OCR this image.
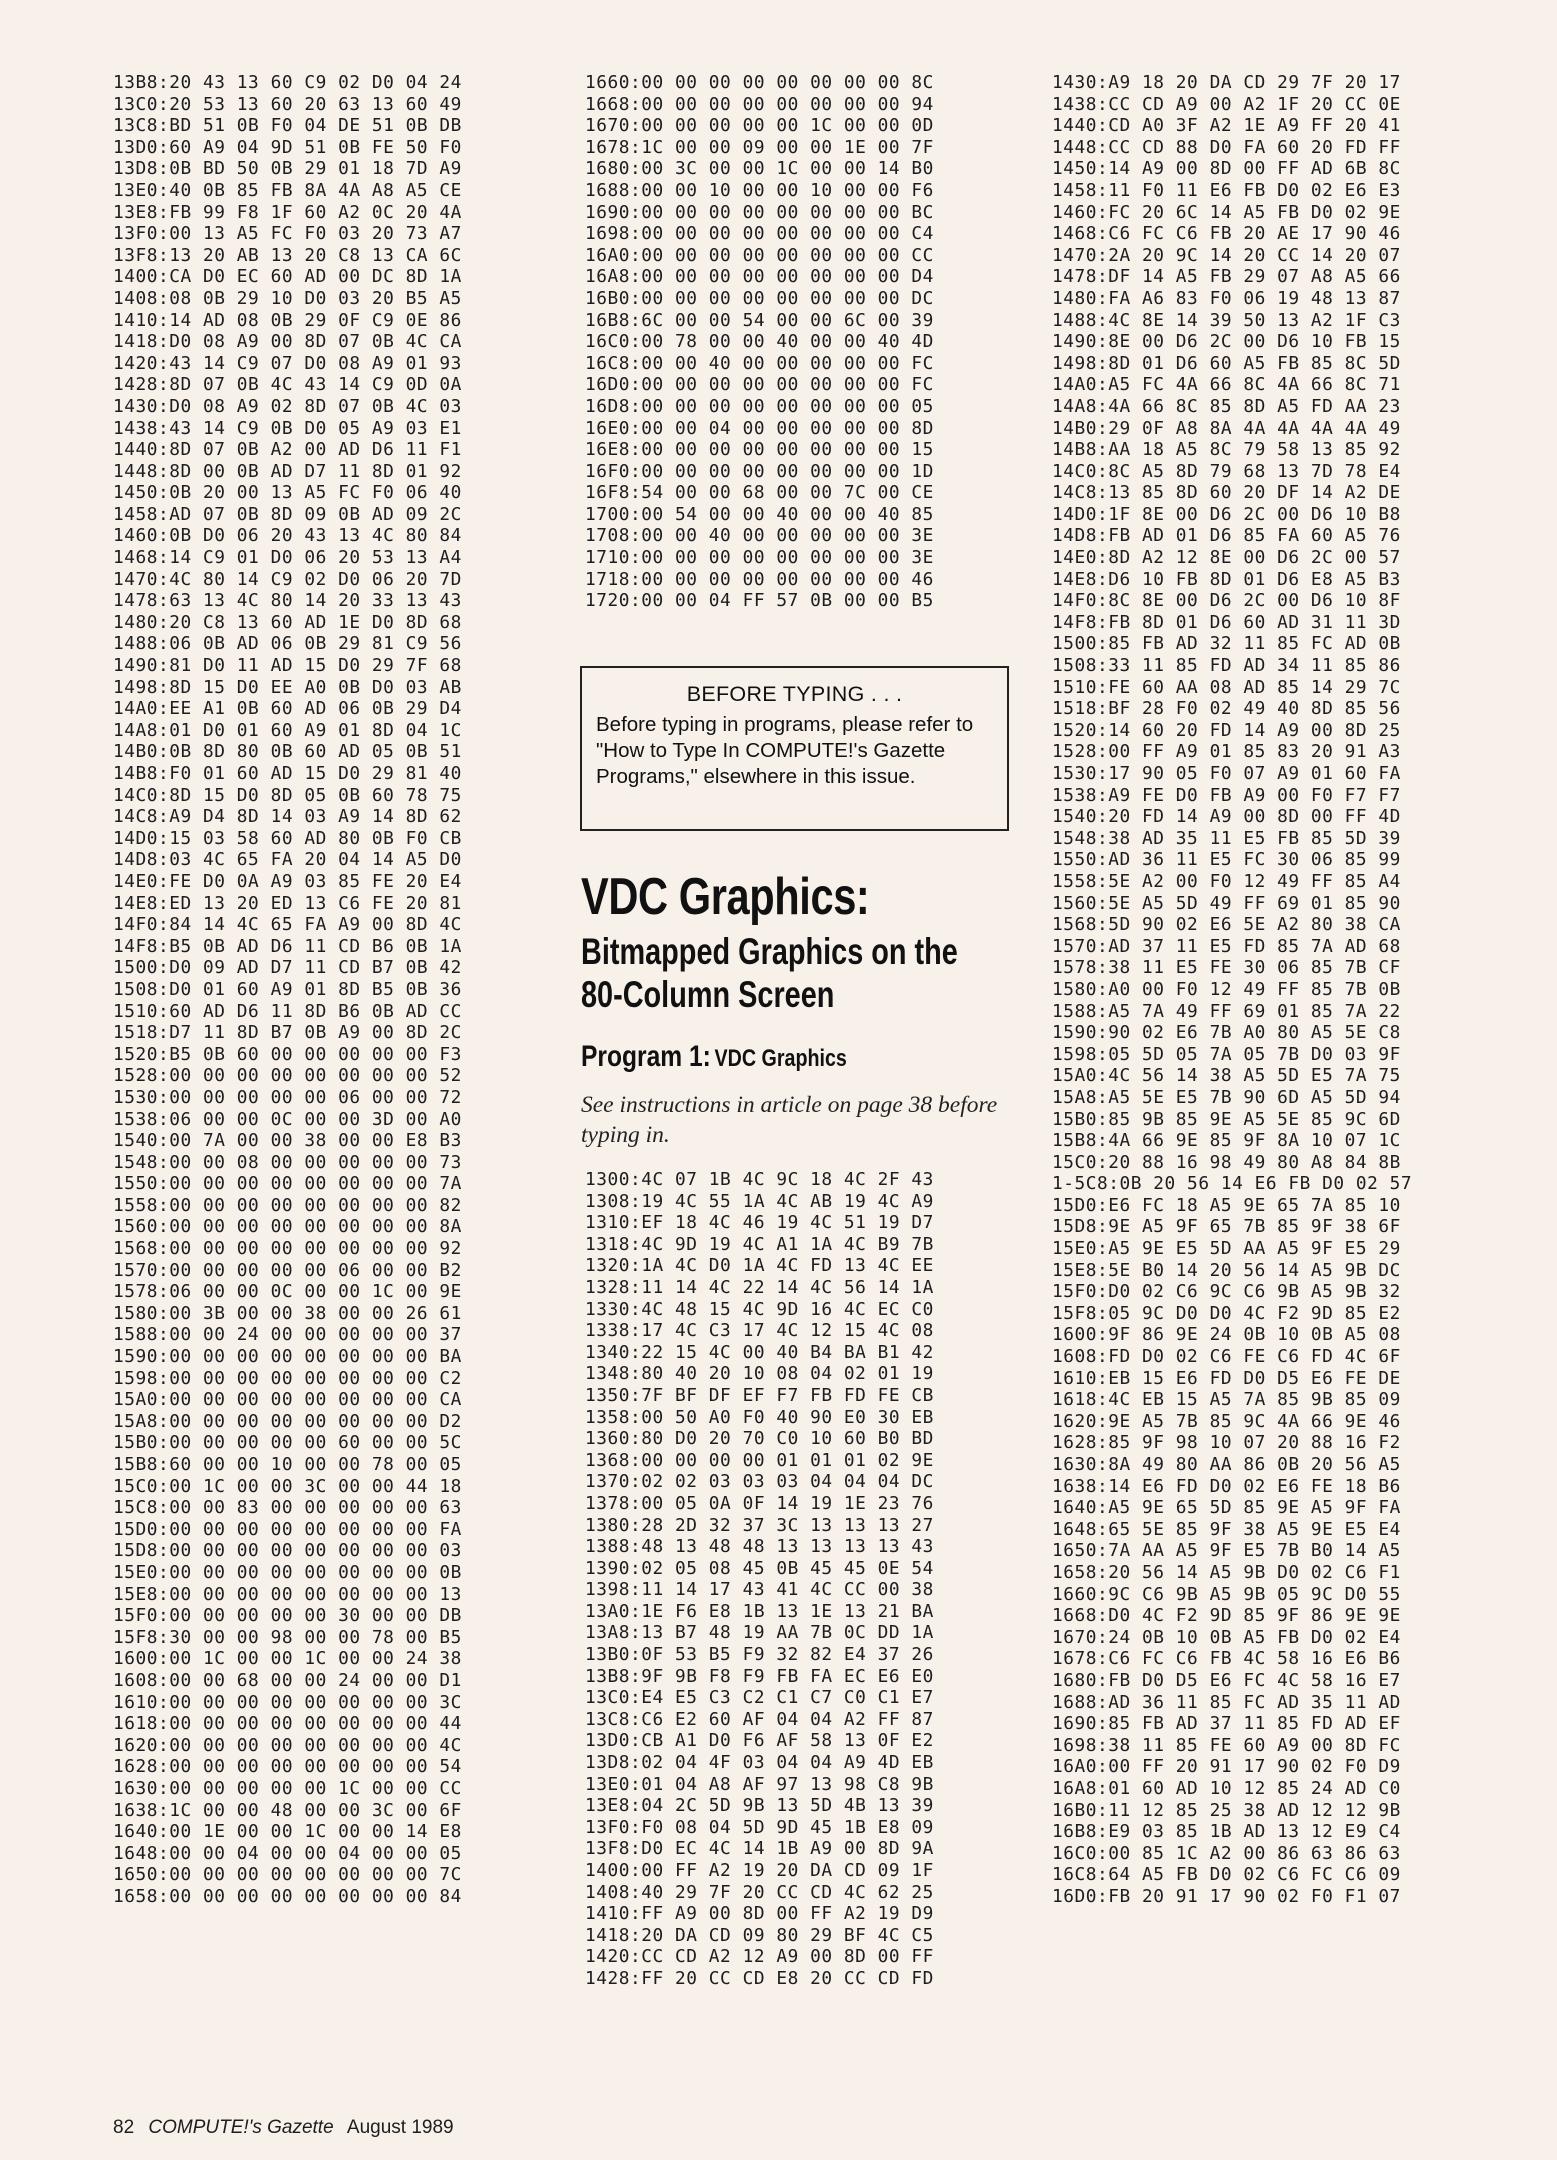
13B8:20 43 13 60 C9 02 D0 04 24
13C0:20 53 13 60 20 63 13 60 49
13C8:BD 51 0B F0 04 DE 51 0B DB
13D0:60 A9 04 9D 51 0B FE 50 F0
13D8:0B BD 50 0B 29 01 18 7D A9
13E0:40 0B 85 FB 8A 4A A8 A5 CE
13E8:FB 99 F8 1F 60 A2 0C 20 4A
13F0:00 13 A5 FC F0 03 20 73 A7
13F8:13 20 AB 13 20 C8 13 CA 6C
1400:CA D0 EC 60 AD 00 DC 8D 1A
1408:08 0B 29 10 D0 03 20 B5 A5
1410:14 AD 08 0B 29 0F C9 0E 86
1418:D0 08 A9 00 8D 07 0B 4C CA
1420:43 14 C9 07 D0 08 A9 01 93
1428:8D 07 0B 4C 43 14 C9 0D 0A
1430:D0 08 A9 02 8D 07 0B 4C 03
1438:43 14 C9 0B D0 05 A9 03 E1
1440:8D 07 0B A2 00 AD D6 11 F1
1448:8D 00 0B AD D7 11 8D 01 92
1450:0B 20 00 13 A5 FC F0 06 40
1458:AD 07 0B 8D 09 0B AD 09 2C
1460:0B D0 06 20 43 13 4C 80 84
1468:14 C9 01 D0 06 20 53 13 A4
1470:4C 80 14 C9 02 D0 06 20 7D
1478:63 13 4C 80 14 20 33 13 43
1480:20 C8 13 60 AD 1E D0 8D 68
1488:06 0B AD 06 0B 29 81 C9 56
1490:81 D0 11 AD 15 D0 29 7F 68
1498:8D 15 D0 EE A0 0B D0 03 AB
14A0:EE A1 0B 60 AD 06 0B 29 D4
14A8:01 D0 01 60 A9 01 8D 04 1C
14B0:0B 8D 80 0B 60 AD 05 0B 51
14B8:F0 01 60 AD 15 D0 29 81 40
14C0:8D 15 D0 8D 05 0B 60 78 75
14C8:A9 D4 8D 14 03 A9 14 8D 62
14D0:15 03 58 60 AD 80 0B F0 CB
14D8:03 4C 65 FA 20 04 14 A5 D0
14E0:FE D0 0A A9 03 85 FE 20 E4
14E8:ED 13 20 ED 13 C6 FE 20 81
14F0:84 14 4C 65 FA A9 00 8D 4C
14F8:B5 0B AD D6 11 CD B6 0B 1A
1500:D0 09 AD D7 11 CD B7 0B 42
1508:D0 01 60 A9 01 8D B5 0B 36
1510:60 AD D6 11 8D B6 0B AD CC
1518:D7 11 8D B7 0B A9 00 8D 2C
1520:B5 0B 60 00 00 00 00 00 F3
1528:00 00 00 00 00 00 00 00 52
1530:00 00 00 00 00 06 00 00 72
1538:06 00 00 0C 00 00 3D 00 A0
1540:00 7A 00 00 38 00 00 E8 B3
1548:00 00 08 00 00 00 00 00 73
1550:00 00 00 00 00 00 00 00 7A
1558:00 00 00 00 00 00 00 00 82
1560:00 00 00 00 00 00 00 00 8A
1568:00 00 00 00 00 00 00 00 92
1570:00 00 00 00 00 06 00 00 B2
1578:06 00 00 0C 00 00 1C 00 9E
1580:00 3B 00 00 38 00 00 26 61
1588:00 00 24 00 00 00 00 00 37
1590:00 00 00 00 00 00 00 00 BA
1598:00 00 00 00 00 00 00 00 C2
15A0:00 00 00 00 00 00 00 00 CA
15A8:00 00 00 00 00 00 00 00 D2
15B0:00 00 00 00 00 60 00 00 5C
15B8:60 00 00 10 00 00 78 00 05
15C0:00 1C 00 00 3C 00 00 44 18
15C8:00 00 83 00 00 00 00 00 63
15D0:00 00 00 00 00 00 00 00 FA
15D8:00 00 00 00 00 00 00 00 03
15E0:00 00 00 00 00 00 00 00 0B
15E8:00 00 00 00 00 00 00 00 13
15F0:00 00 00 00 00 30 00 00 DB
15F8:30 00 00 98 00 00 78 00 B5
1600:00 1C 00 00 1C 00 00 24 38
1608:00 00 68 00 00 24 00 00 D1
1610:00 00 00 00 00 00 00 00 3C
1618:00 00 00 00 00 00 00 00 44
1620:00 00 00 00 00 00 00 00 4C
1628:00 00 00 00 00 00 00 00 54
1630:00 00 00 00 00 1C 00 00 CC
1638:1C 00 00 48 00 00 3C 00 6F
1640:00 1E 00 00 1C 00 00 14 E8
1648:00 00 04 00 00 04 00 00 05
1650:00 00 00 00 00 00 00 00 7C
1658:00 00 00 00 00 00 00 00 84
1660:00 00 00 00 00 00 00 00 8C
1668:00 00 00 00 00 00 00 00 94
1670:00 00 00 00 00 1C 00 00 0D
1678:1C 00 00 09 00 00 1E 00 7F
1680:00 3C 00 00 1C 00 00 14 B0
1688:00 00 10 00 00 10 00 00 F6
1690:00 00 00 00 00 00 00 00 BC
1698:00 00 00 00 00 00 00 00 C4
16A0:00 00 00 00 00 00 00 00 CC
16A8:00 00 00 00 00 00 00 00 D4
16B0:00 00 00 00 00 00 00 00 DC
16B8:6C 00 00 54 00 00 6C 00 39
16C0:00 78 00 00 40 00 00 40 4D
16C8:00 00 40 00 00 00 00 00 FC
16D0:00 00 00 00 00 00 00 00 FC
16D8:00 00 00 00 00 00 00 00 05
16E0:00 00 04 00 00 00 00 00 8D
16E8:00 00 00 00 00 00 00 00 15
16F0:00 00 00 00 00 00 00 00 1D
16F8:54 00 00 68 00 00 7C 00 CE
1700:00 54 00 00 40 00 00 40 85
1708:00 00 40 00 00 00 00 00 3E
1710:00 00 00 00 00 00 00 00 3E
1718:00 00 00 00 00 00 00 00 46
1720:00 00 04 FF 57 0B 00 00 B5
BEFORE TYPING . . .
Before typing in programs, please refer to "How to Type In COMPUTE!'s Gazette Programs," elsewhere in this issue.
VDC Graphics:
Bitmapped Graphics on the
80-Column Screen
Program 1: VDC Graphics
See instructions in article on page 38 before typing in.
1300:4C 07 1B 4C 9C 18 4C 2F 43
1308:19 4C 55 1A 4C AB 19 4C A9
1310:EF 18 4C 46 19 4C 51 19 D7
1318:4C 9D 19 4C A1 1A 4C B9 7B
1320:1A 4C D0 1A 4C FD 13 4C EE
1328:11 14 4C 22 14 4C 56 14 1A
1330:4C 48 15 4C 9D 16 4C EC C0
1338:17 4C C3 17 4C 12 15 4C 08
1340:22 15 4C 00 40 B4 BA B1 42
1348:80 40 20 10 08 04 02 01 19
1350:7F BF DF EF F7 FB FD FE CB
1358:00 50 A0 F0 40 90 E0 30 EB
1360:80 D0 20 70 C0 10 60 B0 BD
1368:00 00 00 00 01 01 01 02 9E
1370:02 02 03 03 03 04 04 04 DC
1378:00 05 0A 0F 14 19 1E 23 76
1380:28 2D 32 37 3C 13 13 13 27
1388:48 13 48 48 13 13 13 13 43
1390:02 05 08 45 0B 45 45 0E 54
1398:11 14 17 43 41 4C CC 00 38
13A0:1E F6 E8 1B 13 1E 13 21 BA
13A8:13 B7 48 19 AA 7B 0C DD 1A
13B0:0F 53 B5 F9 32 82 E4 37 26
13B8:9F 9B F8 F9 FB FA EC E6 E0
13C0:E4 E5 C3 C2 C1 C7 C0 C1 E7
13C8:C6 E2 60 AF 04 04 A2 FF 87
13D0:CB A1 D0 F6 AF 58 13 0F E2
13D8:02 04 4F 03 04 04 A9 4D EB
13E0:01 04 A8 AF 97 13 98 C8 9B
13E8:04 2C 5D 9B 13 5D 4B 13 39
13F0:F0 08 04 5D 9D 45 1B E8 09
13F8:D0 EC 4C 14 1B A9 00 8D 9A
1400:00 FF A2 19 20 DA CD 09 1F
1408:40 29 7F 20 CC CD 4C 62 25
1410:FF A9 00 8D 00 FF A2 19 D9
1418:20 DA CD 09 80 29 BF 4C C5
1420:CC CD A2 12 A9 00 8D 00 FF
1428:FF 20 CC CD E8 20 CC CD FD
1430:A9 18 20 DA CD 29 7F 20 17
1438:CC CD A9 00 A2 1F 20 CC 0E
1440:CD A0 3F A2 1E A9 FF 20 41
1448:CC CD 88 D0 FA 60 20 FD FF
1450:14 A9 00 8D 00 FF AD 6B 8C
1458:11 F0 11 E6 FB D0 02 E6 E3
1460:FC 20 6C 14 A5 FB D0 02 9E
1468:C6 FC C6 FB 20 AE 17 90 46
1470:2A 20 9C 14 20 CC 14 20 07
1478:DF 14 A5 FB 29 07 A8 A5 66
1480:FA A6 83 F0 06 19 48 13 87
1488:4C 8E 14 39 50 13 A2 1F C3
1490:8E 00 D6 2C 00 D6 10 FB 15
1498:8D 01 D6 60 A5 FB 85 8C 5D
14A0:A5 FC 4A 66 8C 4A 66 8C 71
14A8:4A 66 8C 85 8D A5 FD AA 23
14B0:29 0F A8 8A 4A 4A 4A 4A 49
14B8:AA 18 A5 8C 79 58 13 85 92
14C0:8C A5 8D 79 68 13 7D 78 E4
14C8:13 85 8D 60 20 DF 14 A2 DE
14D0:1F 8E 00 D6 2C 00 D6 10 B8
14D8:FB AD 01 D6 85 FA 60 A5 76
14E0:8D A2 12 8E 00 D6 2C 00 57
14E8:D6 10 FB 8D 01 D6 E8 A5 B3
14F0:8C 8E 00 D6 2C 00 D6 10 8F
14F8:FB 8D 01 D6 60 AD 31 11 3D
1500:85 FB AD 32 11 85 FC AD 0B
1508:33 11 85 FD AD 34 11 85 86
1510:FE 60 AA 08 AD 85 14 29 7C
1518:BF 28 F0 02 49 40 8D 85 56
1520:14 60 20 FD 14 A9 00 8D 25
1528:00 FF A9 01 85 83 20 91 A3
1530:17 90 05 F0 07 A9 01 60 FA
1538:A9 FE D0 FB A9 00 F0 F7 F7
1540:20 FD 14 A9 00 8D 00 FF 4D
1548:38 AD 35 11 E5 FB 85 5D 39
1550:AD 36 11 E5 FC 30 06 85 99
1558:5E A2 00 F0 12 49 FF 85 A4
1560:5E A5 5D 49 FF 69 01 85 90
1568:5D 90 02 E6 5E A2 80 38 CA
1570:AD 37 11 E5 FD 85 7A AD 68
1578:38 11 E5 FE 30 06 85 7B CF
1580:A0 00 F0 12 49 FF 85 7B 0B
1588:A5 7A 49 FF 69 01 85 7A 22
1590:90 02 E6 7B A0 80 A5 5E C8
1598:05 5D 05 7A 05 7B D0 03 9F
15A0:4C 56 14 38 A5 5D E5 7A 75
15A8:A5 5E E5 7B 90 6D A5 5D 94
15B0:85 9B 85 9E A5 5E 85 9C 6D
15B8:4A 66 9E 85 9F 8A 10 07 1C
15C0:20 88 16 98 49 80 A8 84 8B
1-5C8:0B 20 56 14 E6 FB D0 02 57
15D0:E6 FC 18 A5 9E 65 7A 85 10
15D8:9E A5 9F 65 7B 85 9F 38 6F
15E0:A5 9E E5 5D AA A5 9F E5 29
15E8:5E B0 14 20 56 14 A5 9B DC
15F0:D0 02 C6 9C C6 9B A5 9B 32
15F8:05 9C D0 D0 4C F2 9D 85 E2
1600:9F 86 9E 24 0B 10 0B A5 08
1608:FD D0 02 C6 FE C6 FD 4C 6F
1610:EB 15 E6 FD D0 D5 E6 FE DE
1618:4C EB 15 A5 7A 85 9B 85 09
1620:9E A5 7B 85 9C 4A 66 9E 46
1628:85 9F 98 10 07 20 88 16 F2
1630:8A 49 80 AA 86 0B 20 56 A5
1638:14 E6 FD D0 02 E6 FE 18 B6
1640:A5 9E 65 5D 85 9E A5 9F FA
1648:65 5E 85 9F 38 A5 9E E5 E4
1650:7A AA A5 9F E5 7B B0 14 A5
1658:20 56 14 A5 9B D0 02 C6 F1
1660:9C C6 9B A5 9B 05 9C D0 55
1668:D0 4C F2 9D 85 9F 86 9E 9E
1670:24 0B 10 0B A5 FB D0 02 E4
1678:C6 FC C6 FB 4C 58 16 E6 B6
1680:FB D0 D5 E6 FC 4C 58 16 E7
1688:AD 36 11 85 FC AD 35 11 AD
1690:85 FB AD 37 11 85 FD AD EF
1698:38 11 85 FE 60 A9 00 8D FC
16A0:00 FF 20 91 17 90 02 F0 D9
16A8:01 60 AD 10 12 85 24 AD C0
16B0:11 12 85 25 38 AD 12 12 9B
16B8:E9 03 85 1B AD 13 12 E9 C4
16C0:00 85 1C A2 00 86 63 86 63
16C8:64 A5 FB D0 02 C6 FC C6 09
16D0:FB 20 91 17 90 02 F0 F1 07
82 COMPUTE!'s Gazette August 1989
